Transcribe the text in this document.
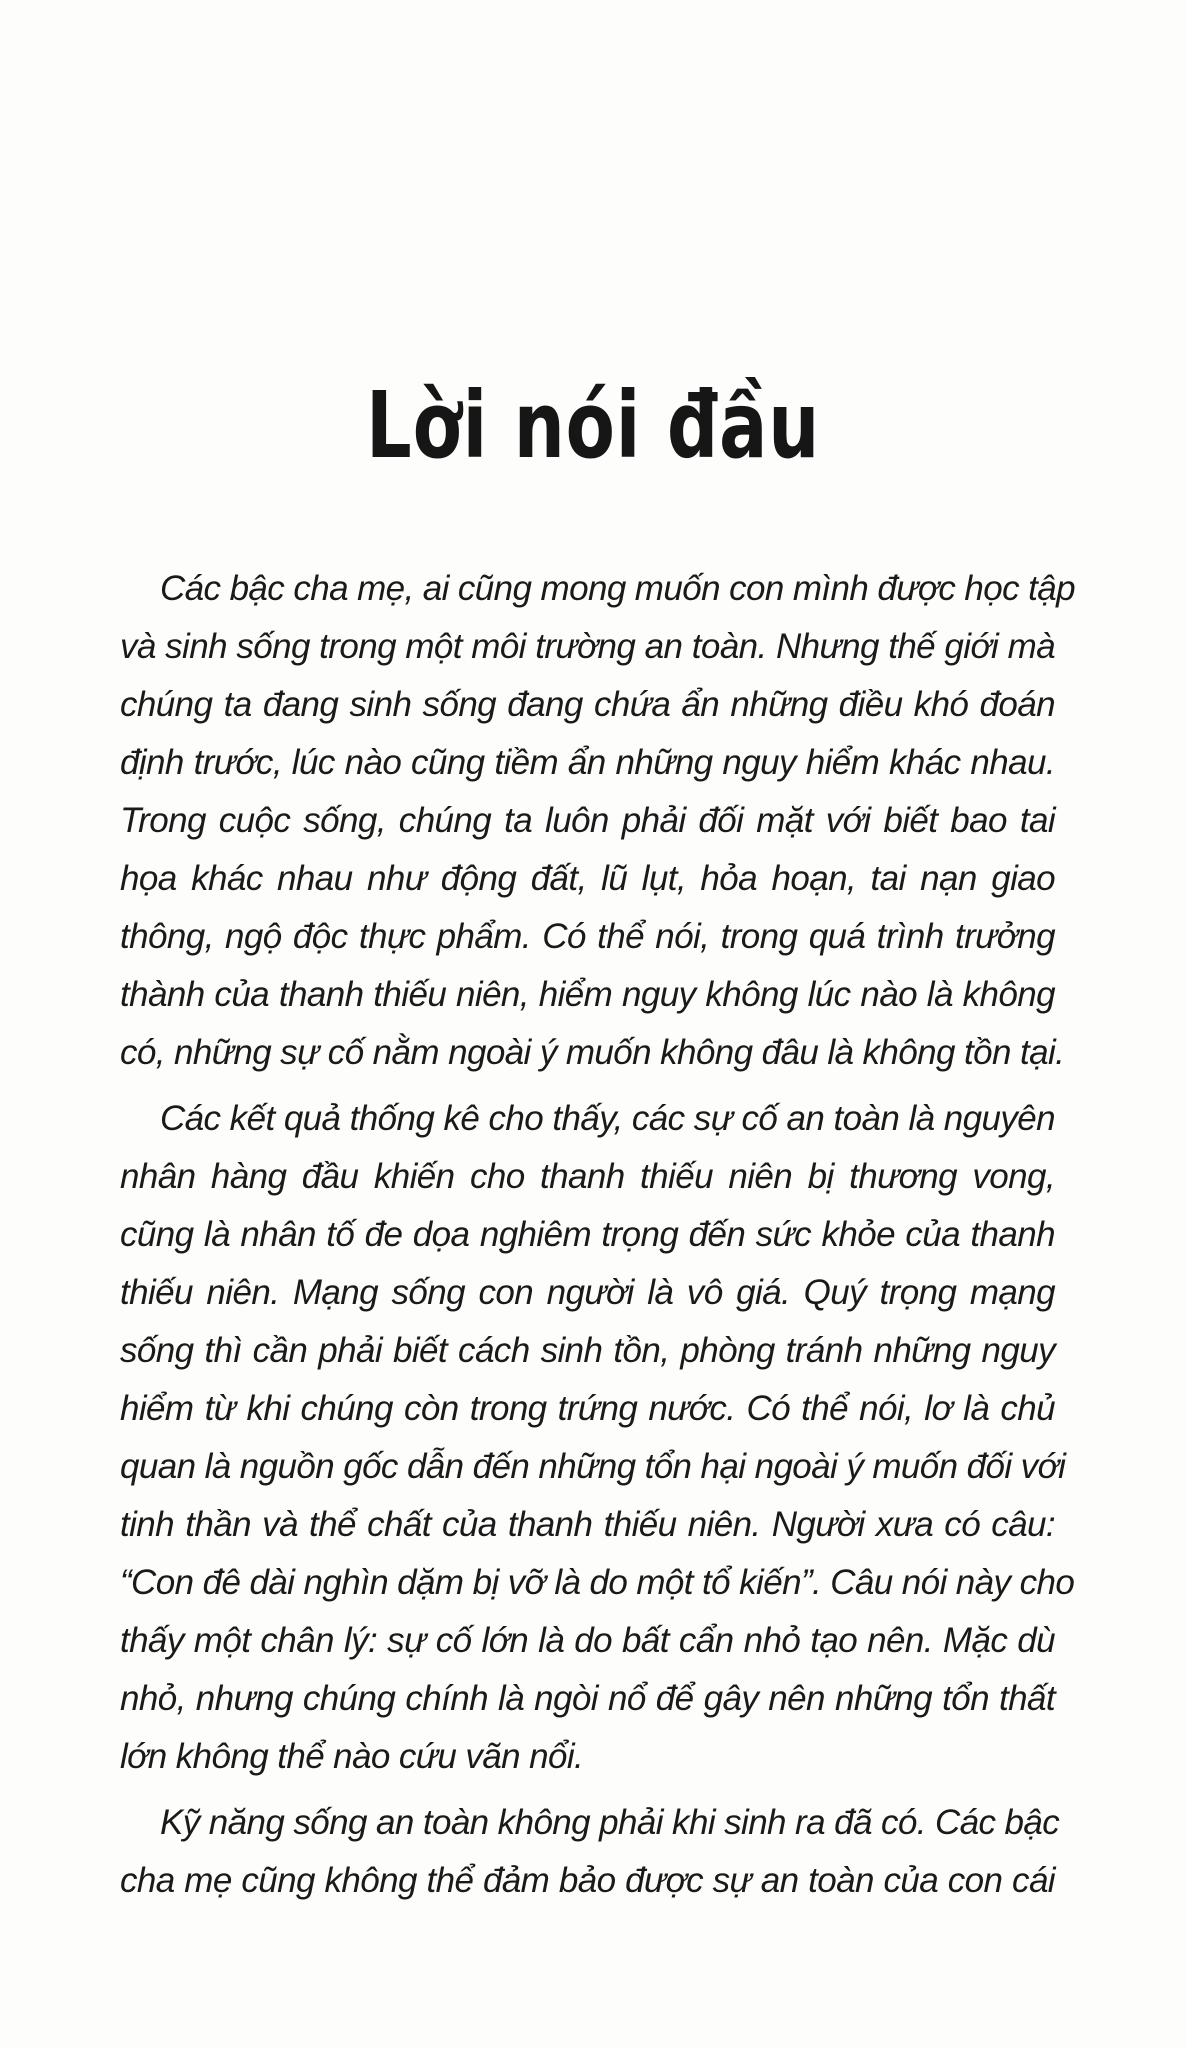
Lời nói đầu
Các bậc cha mẹ, ai cũng mong muốn con mình được học tập
và sinh sống trong một môi trường an toàn. Nhưng thế giới mà
chúng ta đang sinh sống đang chứa ẩn những điều khó đoán
định trước, lúc nào cũng tiềm ẩn những nguy hiểm khác nhau.
Trong cuộc sống, chúng ta luôn phải đối mặt với biết bao tai
họa khác nhau như động đất, lũ lụt, hỏa hoạn, tai nạn giao
thông, ngộ độc thực phẩm. Có thể nói, trong quá trình trưởng
thành của thanh thiếu niên, hiểm nguy không lúc nào là không
có, những sự cố nằm ngoài ý muốn không đâu là không tồn tại.
Các kết quả thống kê cho thấy, các sự cố an toàn là nguyên
nhân hàng đầu khiến cho thanh thiếu niên bị thương vong,
cũng là nhân tố đe dọa nghiêm trọng đến sức khỏe của thanh
thiếu niên. Mạng sống con người là vô giá. Quý trọng mạng
sống thì cần phải biết cách sinh tồn, phòng tránh những nguy
hiểm từ khi chúng còn trong trứng nước. Có thể nói, lơ là chủ
quan là nguồn gốc dẫn đến những tổn hại ngoài ý muốn đối với
tinh thần và thể chất của thanh thiếu niên. Người xưa có câu:
“Con đê dài nghìn dặm bị vỡ là do một tổ kiến”. Câu nói này cho
thấy một chân lý: sự cố lớn là do bất cẩn nhỏ tạo nên. Mặc dù
nhỏ, nhưng chúng chính là ngòi nổ để gây nên những tổn thất
lớn không thể nào cứu vãn nổi.
Kỹ năng sống an toàn không phải khi sinh ra đã có. Các bậc
cha mẹ cũng không thể đảm bảo được sự an toàn của con cái
